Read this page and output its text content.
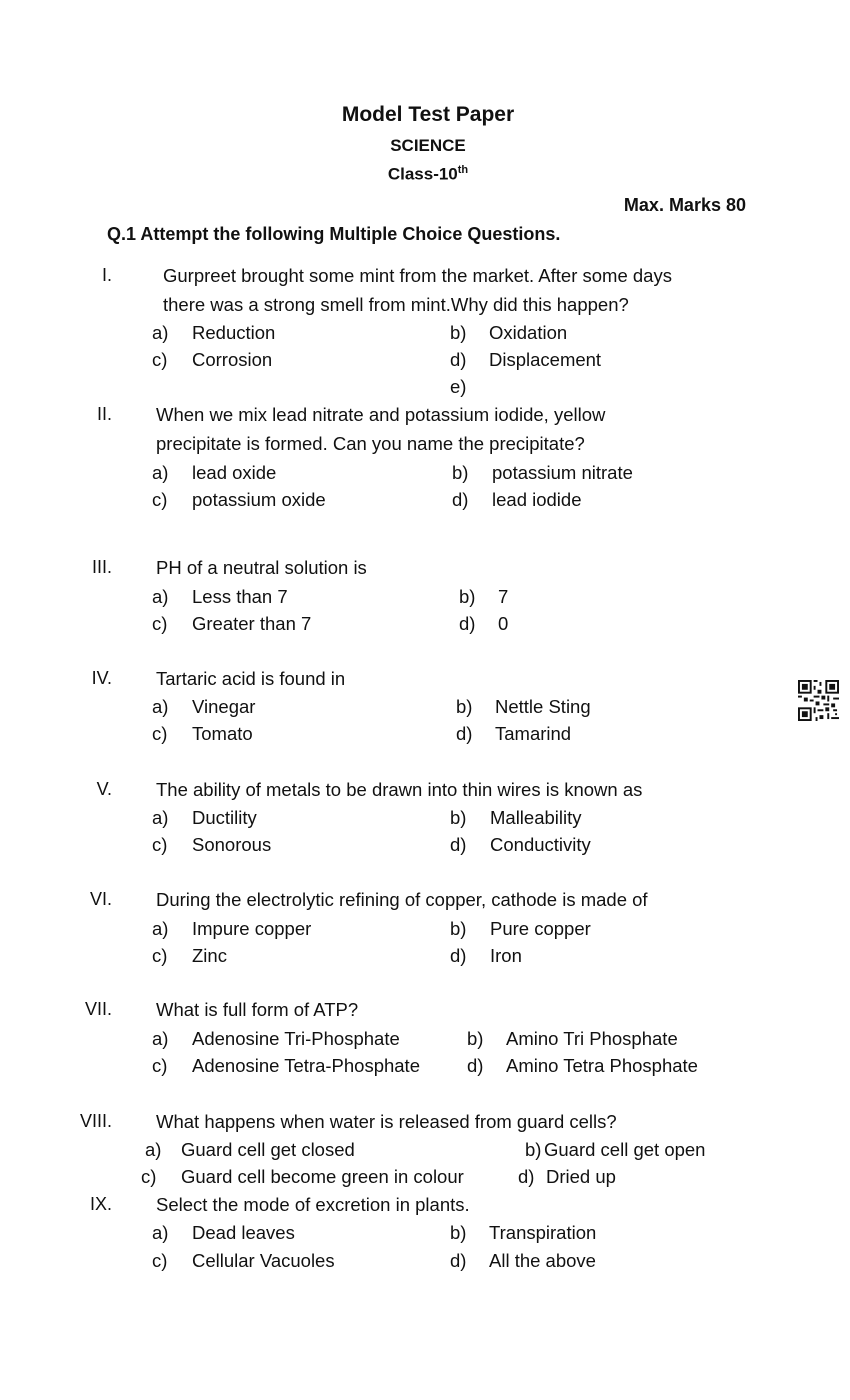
Model Test Paper
SCIENCE
Class-10th
Max. Marks 80
Q.1 Attempt the following Multiple Choice Questions.
I.	Gurpreet brought some mint from the market. After some days
there was a strong smell from mint.Why did this happen?
a) Reduction	b) Oxidation
c) Corrosion	d) Displacement
e)
II. When we mix lead nitrate and potassium iodide, yellow
precipitate is formed. Can you name the precipitate?
a) lead oxide	b) potassium nitrate
c) potassium oxide	d) lead iodide
III. PH of a neutral solution is
a) Less than 7	b) 7
c) Greater than 7	d) 0
IV. Tartaric acid is found in
a) Vinegar	b) Nettle Sting
c) Tomato	d) Tamarind
V. The ability of metals to be drawn into thin wires is known as
a) Ductility	b) Malleability
c) Sonorous	d) Conductivity
VI. During the electrolytic refining of copper, cathode is made of
a) Impure copper	b) Pure copper
c) Zinc	d) Iron
VII. What is full form of ATP?
a) Adenosine Tri-Phosphate	b) Amino Tri Phosphate
c) Adenosine Tetra-Phosphate	d) Amino Tetra Phosphate
VIII. What happens when water is released from guard cells?
a) Guard cell get closed	b) Guard cell get open
c) Guard cell become green in colour	d) Dried up
IX. Select the mode of excretion in plants.
a) Dead leaves	b) Transpiration
c) Cellular Vacuoles	d) All the above
